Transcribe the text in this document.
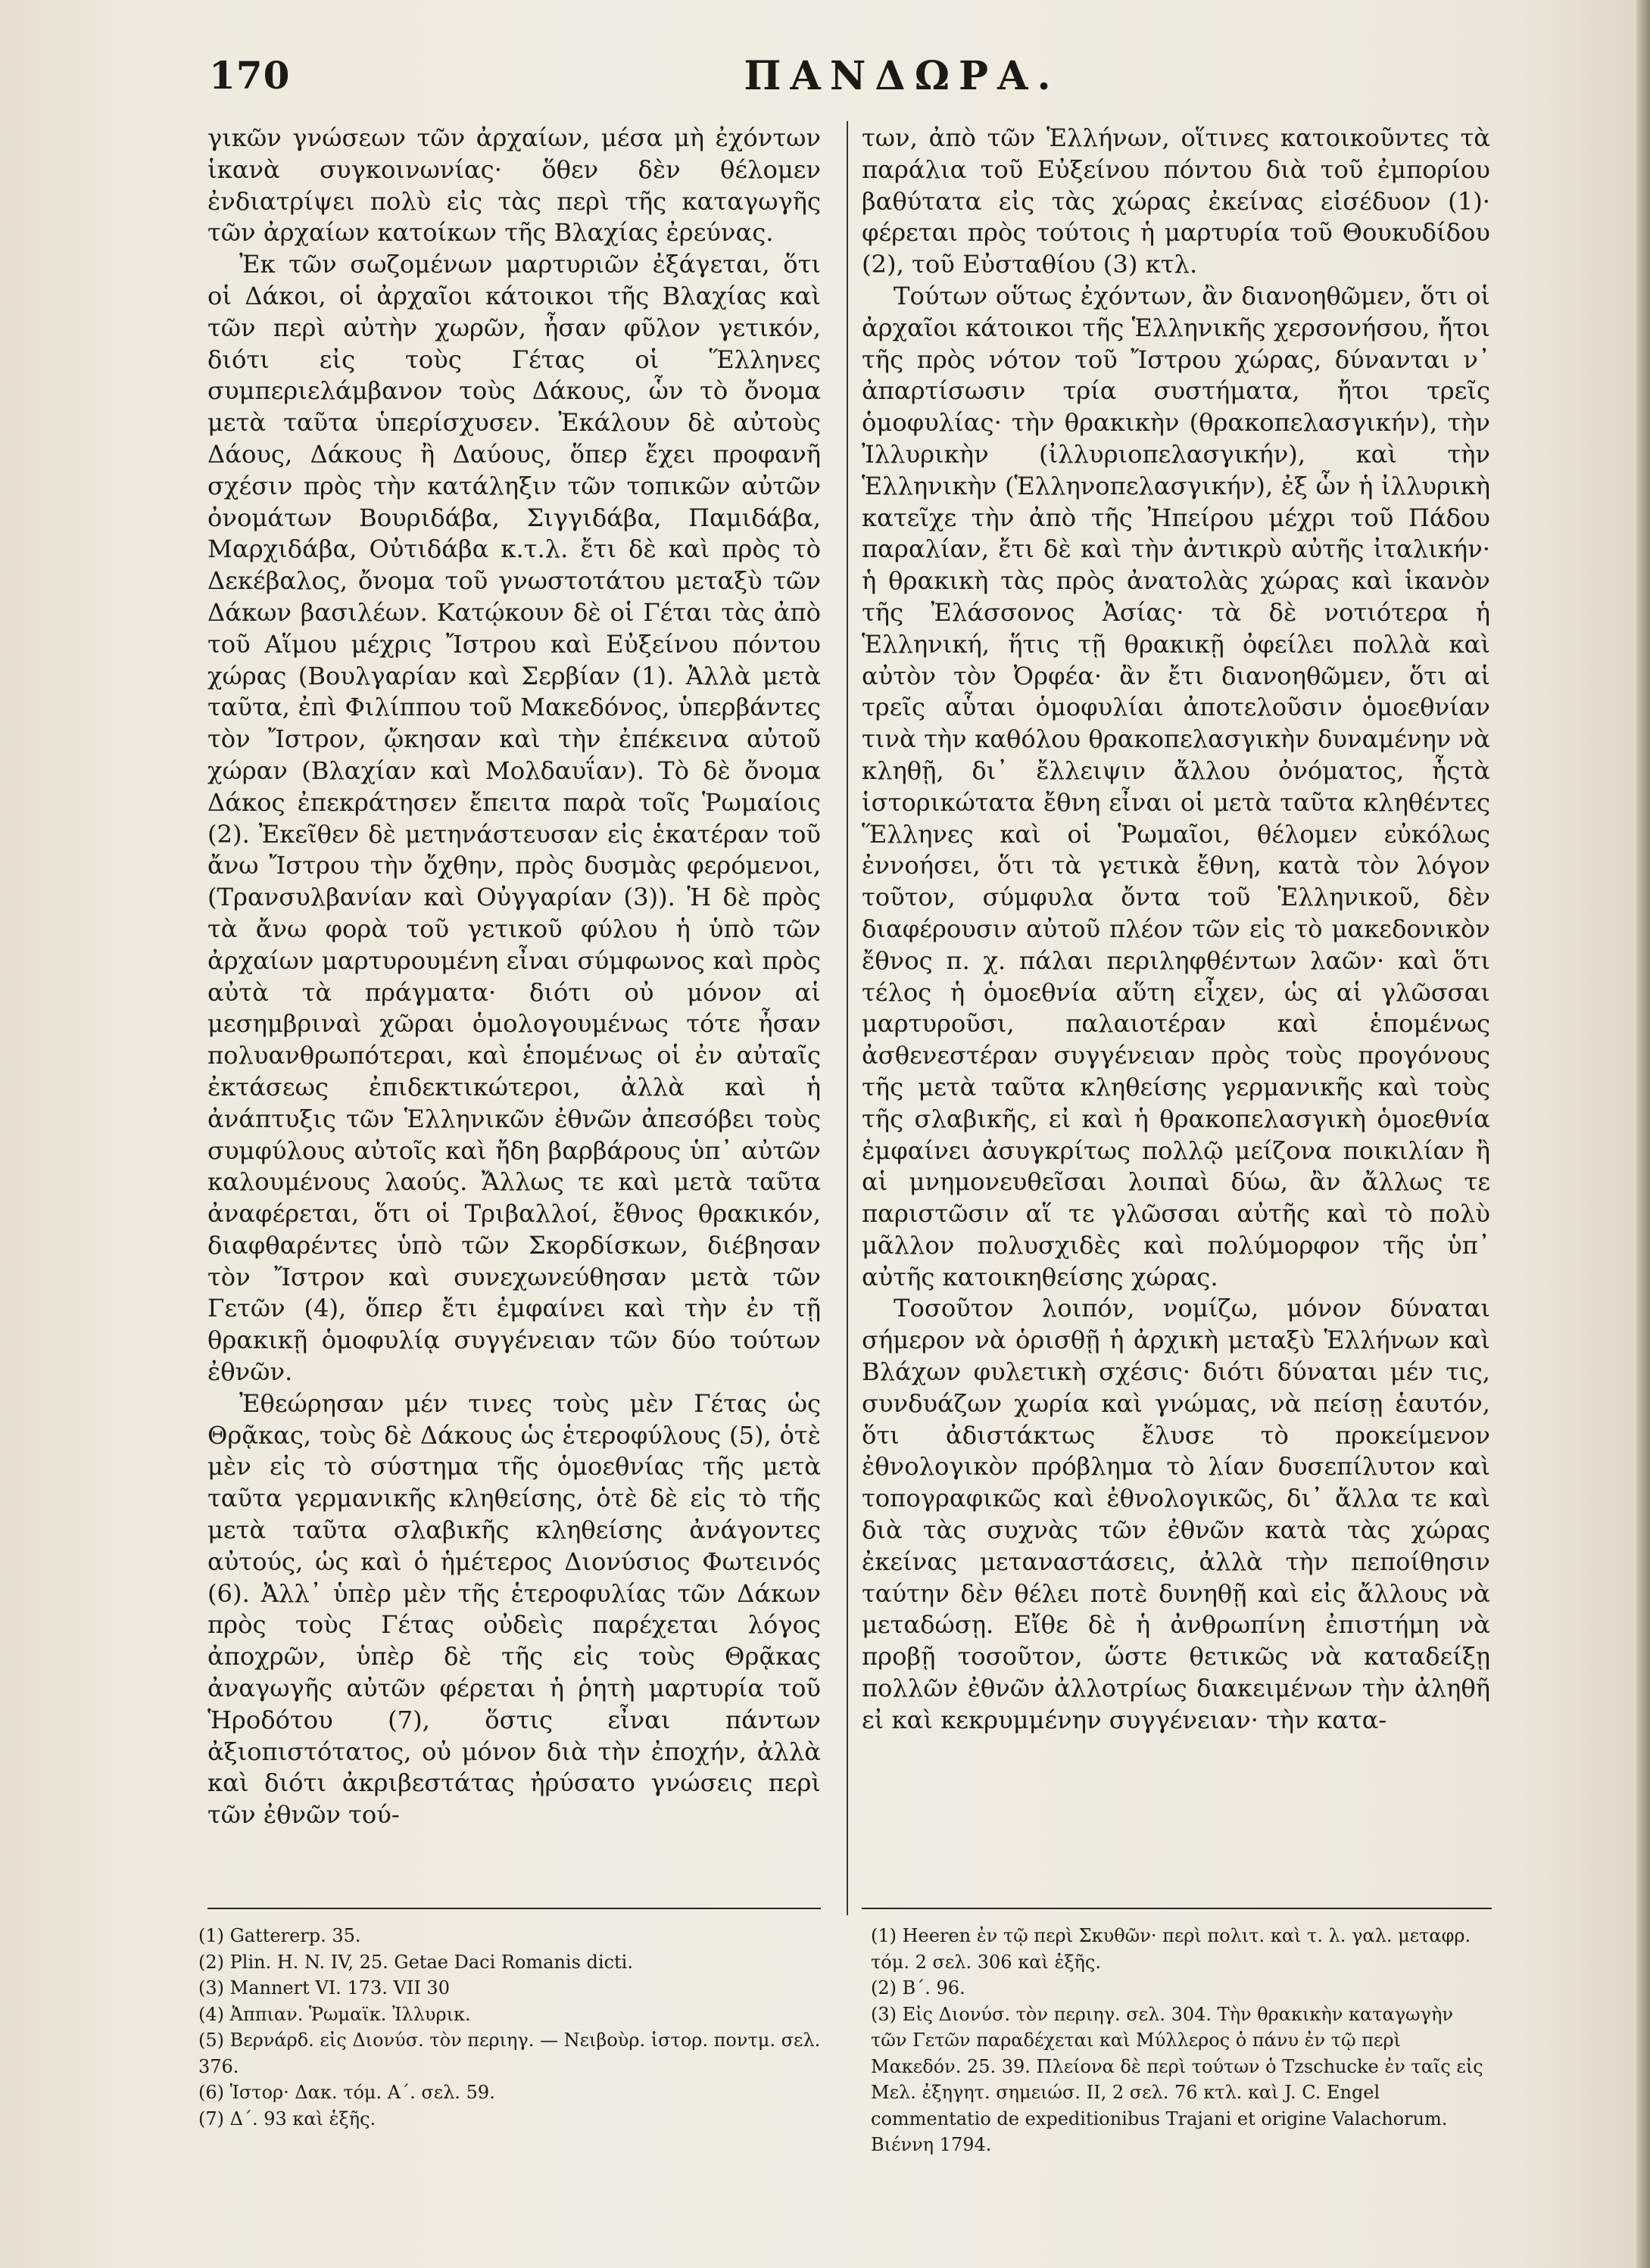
170	ΠΑΝΔΩΡΑ.

γικῶν γνώσεων τῶν ἀρχαίων, μέσα μὴ ἐχόντων ἱκανὰ συγκοινωνίας· ὅθεν δὲν θέλομεν ἐνδιατρίψει πολὺ εἰς τὰς περὶ τῆς καταγωγῆς τῶν ἀρχαίων κατοίκων τῆς Βλαχίας ἐρεύνας.

Ἐκ τῶν σωζομένων μαρτυριῶν ἐξάγεται, ὅτι οἱ Δάκοι, οἱ ἀρχαῖοι κάτοικοι τῆς Βλαχίας καὶ τῶν περὶ αὐτὴν χωρῶν, ἦσαν φῦλον γετικόν, διότι εἰς τοὺς Γέτας οἱ Ἕλληνες συμπεριελάμβανον τοὺς Δάκους, ὧν τὸ ὄνομα μετὰ ταῦτα ὑπερίσχυσεν. Ἐκάλουν δὲ αὐτοὺς Δάους, Δάκους ἢ Δαύους, ὅπερ ἔχει προφανῆ σχέσιν πρὸς τὴν κατάληξιν τῶν τοπικῶν αὐτῶν ὀνομάτων Βουριδάβα, Σιγγιδάβα, Παμιδάβα, Μαρχιδάβα, Οὐτιδάβα κ.τ.λ. ἔτι δὲ καὶ πρὸς τὸ Δεκέβαλος, ὄνομα τοῦ γνωστοτάτου μεταξὺ τῶν Δάκων βασιλέων. Κατῴκουν δὲ οἱ Γέται τὰς ἀπὸ τοῦ Αἵμου μέχρις Ἴστρου καὶ Εὐξείνου πόντου χώρας (Βουλγαρίαν καὶ Σερβίαν (1). Ἀλλὰ μετὰ ταῦτα, ἐπὶ Φιλίππου τοῦ Μακεδόνος, ὑπερβάντες τὸν Ἴστρον, ᾤκησαν καὶ τὴν ἐπέκεινα αὐτοῦ χώραν (Βλαχίαν καὶ Μολδαυΐαν). Τὸ δὲ ὄνομα Δάκος ἐπεκράτησεν ἔπειτα παρὰ τοῖς Ῥωμαίοις (2). Ἐκεῖθεν δὲ μετηνάστευσαν εἰς ἑκατέραν τοῦ ἄνω Ἴστρου τὴν ὄχθην, πρὸς δυσμὰς φερόμενοι, (Τρανσυλβανίαν καὶ Οὐγγαρίαν (3)). Ἡ δὲ πρὸς τὰ ἄνω φορὰ τοῦ γετικοῦ φύλου ἡ ὑπὸ τῶν ἀρχαίων μαρτυρουμένη εἶναι σύμφωνος καὶ πρὸς αὐτὰ τὰ πράγματα· διότι οὐ μόνον αἱ μεσημβριναὶ χῶραι ὁμολογουμένως τότε ἦσαν πολυανθρωπότεραι, καὶ ἑπομένως οἱ ἐν αὐταῖς ἐκτάσεως ἐπιδεκτικώτεροι, ἀλλὰ καὶ ἡ ἀνάπτυξις τῶν Ἑλληνικῶν ἐθνῶν ἀπεσόβει τοὺς συμφύλους αὐτοῖς καὶ ἤδη βαρβάρους ὑπ᾽ αὐτῶν καλουμένους λαούς. Ἄλλως τε καὶ μετὰ ταῦτα ἀναφέρεται, ὅτι οἱ Τριβαλλοί, ἔθνος θρακικόν, διαφθαρέντες ὑπὸ τῶν Σκορδίσκων, διέβησαν τὸν Ἴστρον καὶ συνεχωνεύθησαν μετὰ τῶν Γετῶν (4), ὅπερ ἔτι ἐμφαίνει καὶ τὴν ἐν τῇ θρακικῇ ὁμοφυλίᾳ συγγένειαν τῶν δύο τούτων ἐθνῶν.

Ἐθεώρησαν μέν τινες τοὺς μὲν Γέτας ὡς Θρᾷκας, τοὺς δὲ Δάκους ὡς ἑτεροφύλους (5), ὁτὲ μὲν εἰς τὸ σύστημα τῆς ὁμοεθνίας τῆς μετὰ ταῦτα γερμανικῆς κληθείσης, ὁτὲ δὲ εἰς τὸ τῆς μετὰ ταῦτα σλαβικῆς κληθείσης ἀνάγοντες αὐτούς, ὡς καὶ ὁ ἡμέτερος Διονύσιος Φωτεινός (6). Ἀλλ᾽ ὑπὲρ μὲν τῆς ἑτεροφυλίας τῶν Δάκων πρὸς τοὺς Γέτας οὐδεὶς παρέχεται λόγος ἀποχρῶν, ὑπὲρ δὲ τῆς εἰς τοὺς Θρᾷκας ἀναγωγῆς αὐτῶν φέρεται ἡ ῥητὴ μαρτυρία τοῦ Ἡροδότου (7), ὅστις εἶναι πάντων ἀξιοπιστότατος, οὐ μόνον διὰ τὴν ἐποχήν, ἀλλὰ καὶ διότι ἀκριβεστάτας ἠρύσατο γνώσεις περὶ τῶν ἐθνῶν τού-

των, ἀπὸ τῶν Ἑλλήνων, οἵτινες κατοικοῦντες τὰ παράλια τοῦ Εὐξείνου πόντου διὰ τοῦ ἐμπορίου βαθύτατα εἰς τὰς χώρας ἐκείνας εἰσέδυον (1)· φέρεται πρὸς τούτοις ἡ μαρτυρία τοῦ Θουκυδίδου (2), τοῦ Εὐσταθίου (3) κτλ.

Τούτων οὕτως ἐχόντων, ἂν διανοηθῶμεν, ὅτι οἱ ἀρχαῖοι κάτοικοι τῆς Ἑλληνικῆς χερσονήσου, ἤτοι τῆς πρὸς νότον τοῦ Ἴστρου χώρας, δύνανται ν᾽ ἀπαρτίσωσιν τρία συστήματα, ἤτοι τρεῖς ὁμοφυλίας· τὴν θρακικὴν (θρακοπελασγικήν), τὴν Ἰλλυρικὴν (ἰλλυριοπελασγικήν), καὶ τὴν Ἑλληνικὴν (Ἑλληνοπελασγικήν), ἐξ ὧν ἡ ἰλλυρικὴ κατεῖχε τὴν ἀπὸ τῆς Ἠπείρου μέχρι τοῦ Πάδου παραλίαν, ἔτι δὲ καὶ τὴν ἀντικρὺ αὐτῆς ἰταλικήν· ἡ θρακικὴ τὰς πρὸς ἀνατολὰς χώρας καὶ ἱκανὸν τῆς Ἐλάσσονος Ἀσίας· τὰ δὲ νοτιότερα ἡ Ἑλληνική, ἥτις τῇ θρακικῇ ὀφείλει πολλὰ καὶ αὐτὸν τὸν Ὀρφέα· ἂν ἔτι διανοηθῶμεν, ὅτι αἱ τρεῖς αὗται ὁμοφυλίαι ἀποτελοῦσιν ὁμοεθνίαν τινὰ τὴν καθόλου θρακοπελασγικὴν δυναμένην νὰ κληθῇ, δι᾽ ἔλλειψιν ἄλλου ὀνόματος, ἧςτὰ ἱστορικώτατα ἔθνη εἶναι οἱ μετὰ ταῦτα κληθέντες Ἕλληνες καὶ οἱ Ῥωμαῖοι, θέλομεν εὐκόλως ἐννοήσει, ὅτι τὰ γετικὰ ἔθνη, κατὰ τὸν λόγον τοῦτον, σύμφυλα ὄντα τοῦ Ἑλληνικοῦ, δὲν διαφέρουσιν αὐτοῦ πλέον τῶν εἰς τὸ μακεδονικὸν ἔθνος π. χ. πάλαι περιληφθέντων λαῶν· καὶ ὅτι τέλος ἡ ὁμοεθνία αὕτη εἶχεν, ὡς αἱ γλῶσσαι μαρτυροῦσι, παλαιοτέραν καὶ ἑπομένως ἀσθενεστέραν συγγένειαν πρὸς τοὺς προγόνους τῆς μετὰ ταῦτα κληθείσης γερμανικῆς καὶ τοὺς τῆς σλαβικῆς, εἰ καὶ ἡ θρακοπελασγικὴ ὁμοεθνία ἐμφαίνει ἀσυγκρίτως πολλῷ μείζονα ποικιλίαν ἢ αἱ μνημονευθεῖσαι λοιπαὶ δύω, ἂν ἄλλως τε παριστῶσιν αἵ τε γλῶσσαι αὐτῆς καὶ τὸ πολὺ μᾶλλον πολυσχιδὲς καὶ πολύμορφον τῆς ὑπ᾽ αὐτῆς κατοικηθείσης χώρας.

Τοσοῦτον λοιπόν, νομίζω, μόνον δύναται σήμερον νὰ ὁρισθῇ ἡ ἀρχικὴ μεταξὺ Ἑλλήνων καὶ Βλάχων φυλετικὴ σχέσις· διότι δύναται μέν τις, συνδυάζων χωρία καὶ γνώμας, νὰ πείσῃ ἑαυτόν, ὅτι ἀδιστάκτως ἔλυσε τὸ προκείμενον ἐθνολογικὸν πρόβλημα τὸ λίαν δυσεπίλυτον καὶ τοπογραφικῶς καὶ ἐθνολογικῶς, δι᾽ ἄλλα τε καὶ διὰ τὰς συχνὰς τῶν ἐθνῶν κατὰ τὰς χώρας ἐκείνας μεταναστάσεις, ἀλλὰ τὴν πεποίθησιν ταύτην δὲν θέλει ποτὲ δυνηθῇ καὶ εἰς ἄλλους νὰ μεταδώσῃ. Εἴθε δὲ ἡ ἀνθρωπίνη ἐπιστήμη νὰ προβῇ τοσοῦτον, ὥστε θετικῶς νὰ καταδείξῃ πολλῶν ἐθνῶν ἀλλοτρίως διακειμένων τὴν ἀληθῆ εἰ καὶ κεκρυμμένην συγγένειαν· τὴν κατα-

(1) Gattererp. 35.

(2) Plin. H. N. IV, 25. Getae Daci Romanis dicti.

(3) Mannert VI. 173. VII 30

(4) Ἀππιαν. Ῥωμαϊκ. Ἰλλυρικ.

(5) Βερνάρδ. εἰς Διονύσ. τὸν περιηγ. — Νειβοὺρ. ἱστορ. ποντμ. σελ. 376.

(6) Ἱστορ· Δακ. τόμ. Α΄. σελ. 59.

(7) Δ΄. 93 καὶ ἑξῆς.

(1) Heeren ἐν τῷ περὶ Σκυθῶν· περὶ πολιτ. καὶ τ. λ. γαλ. μεταφρ. τόμ. 2 σελ. 306 καὶ ἑξῆς.

(2) Β΄. 96.

(3) Εἰς Διονύσ. τὸν περιηγ. σελ. 304. Τὴν θρακικὴν καταγωγὴν τῶν Γετῶν παραδέχεται καὶ Μύλλερος ὁ πάνυ ἐν τῷ περὶ Μακεδόν. 25. 39. Πλείονα δὲ περὶ τούτων ὁ Tzschucke ἐν ταῖς εἰς Μελ. ἐξηγητ. σημειώσ. II, 2 σελ. 76 κτλ. καὶ J. C. Engel commentatio de expeditionibus Trajani et origine Valachorum. Βιέννη 1794.
